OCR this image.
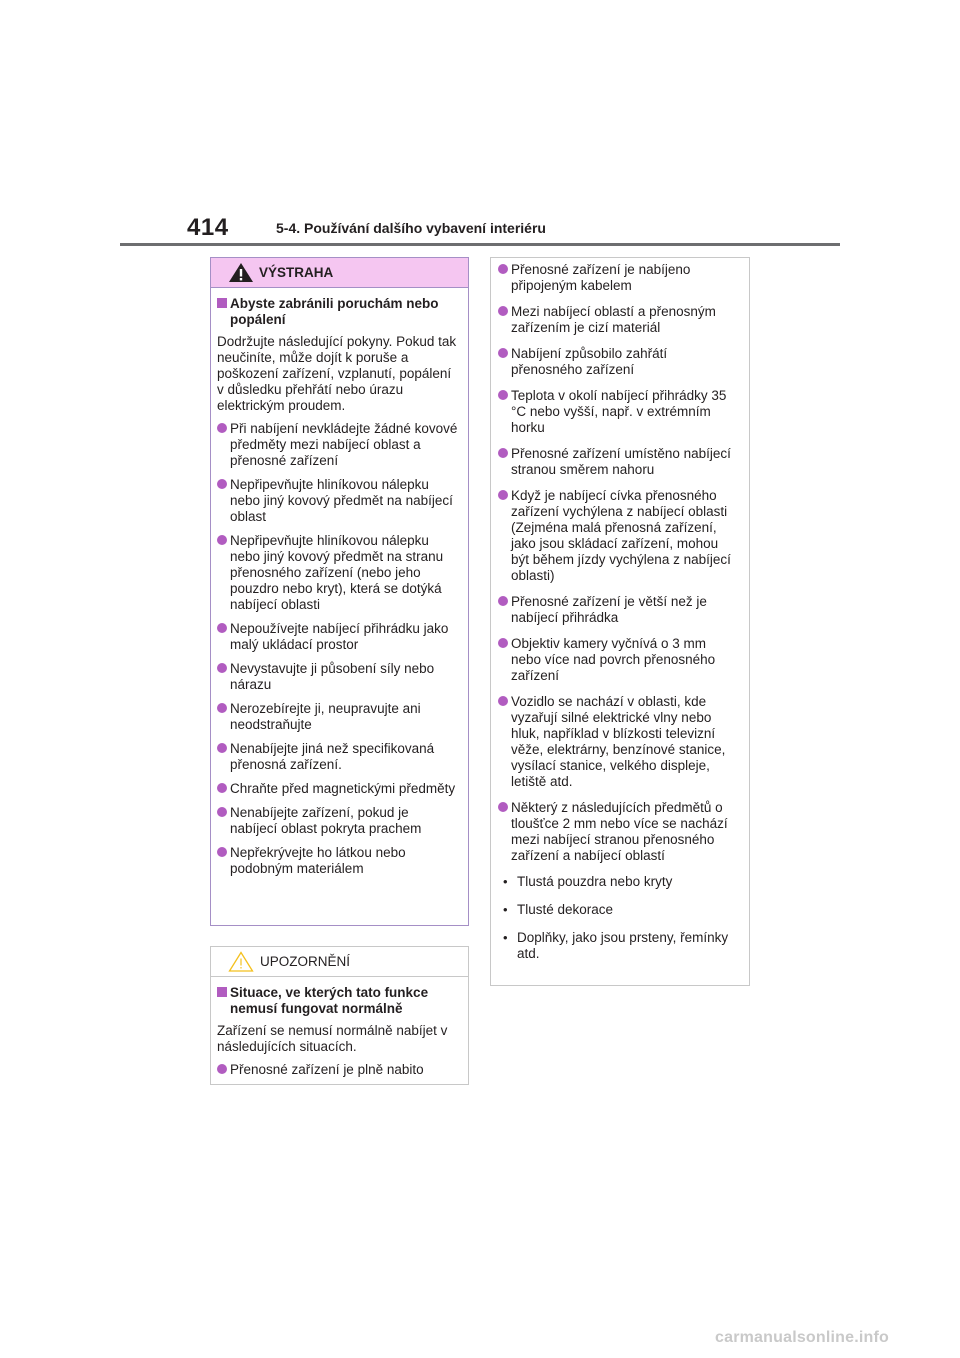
414	5-4. Používání dalšího vybavení interiéru
VÝSTRAHA
Abyste zabránili poruchám nebo popálení
Dodržujte následující pokyny. Pokud tak neučiníte, může dojít k poruše a poškození zařízení, vzplanutí, popálení v důsledku přehřátí nebo úrazu elektrickým proudem.
Při nabíjení nevkládejte žádné kovové předměty mezi nabíjecí oblast a přenosné zařízení
Nepřipevňujte hliníkovou nálepku nebo jiný kovový předmět na nabíjecí oblast
Nepřipevňujte hliníkovou nálepku nebo jiný kovový předmět na stranu přenosného zařízení (nebo jeho pouzdro nebo kryt), která se dotýká nabíjecí oblasti
Nepoužívejte nabíjecí přihrádku jako malý ukládací prostor
Nevystavujte ji působení síly nebo nárazu
Nerozebírejte ji, neupravujte ani neodstraňujte
Nenabíjejte jiná než specifikovaná přenosná zařízení.
Chraňte před magnetickými předměty
Nenabíjejte zařízení, pokud je nabíjecí oblast pokryta prachem
Nepřekrývejte ho látkou nebo podobným materiálem
UPOZORNĚNÍ
Situace, ve kterých tato funkce nemusí fungovat normálně
Zařízení se nemusí normálně nabíjet v následujících situacích.
Přenosné zařízení je plně nabito
Přenosné zařízení je nabíjeno připojeným kabelem
Mezi nabíjecí oblastí a přenosným zařízením je cizí materiál
Nabíjení způsobilo zahřátí přenosného zařízení
Teplota v okolí nabíjecí přihrádky 35 °C nebo vyšší, např. v extrémním horku
Přenosné zařízení umístěno nabíjecí stranou směrem nahoru
Když je nabíjecí cívka přenosného zařízení vychýlena z nabíjecí oblasti (Zejména malá přenosná zařízení, jako jsou skládací zařízení, mohou být během jízdy vychýlena z nabíjecí oblasti)
Přenosné zařízení je větší než je nabíjecí přihrádka
Objektiv kamery vyčnívá o 3 mm nebo více nad povrch přenosného zařízení
Vozidlo se nachází v oblasti, kde vyzařují silné elektrické vlny nebo hluk, například v blízkosti televizní věže, elektrárny, benzínové stanice, vysílací stanice, velkého displeje, letiště atd.
Některý z následujících předmětů o tloušťce 2 mm nebo více se nachází mezi nabíjecí stranou přenosného zařízení a nabíjecí oblastí
• Tlustá pouzdra nebo kryty
• Tlusté dekorace
• Doplňky, jako jsou prsteny, řemínky atd.
carmanualsonline.info
